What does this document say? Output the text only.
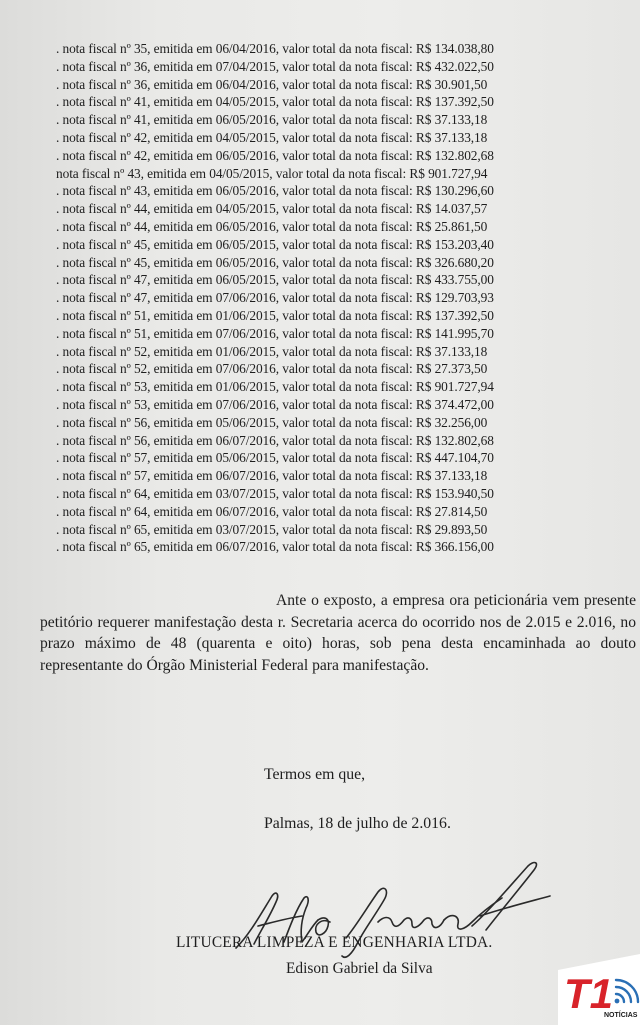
. nota fiscal nº 35, emitida em 06/04/2016, valor total da nota fiscal: R$ 134.038,80
. nota fiscal nº 36, emitida em 07/04/2015, valor total da nota fiscal: R$ 432.022,50
. nota fiscal nº 36, emitida em 06/04/2016, valor total da nota fiscal: R$ 30.901,50
. nota fiscal nº 41, emitida em 04/05/2015, valor total da nota fiscal: R$ 137.392,50
. nota fiscal nº 41, emitida em 06/05/2016, valor total da nota fiscal: R$ 37.133,18
. nota fiscal nº 42, emitida em 04/05/2015, valor total da nota fiscal: R$ 37.133,18
. nota fiscal nº 42, emitida em 06/05/2016, valor total da nota fiscal: R$ 132.802,68
nota fiscal nº 43, emitida em 04/05/2015, valor total da nota fiscal: R$ 901.727,94
. nota fiscal nº 43, emitida em 06/05/2016, valor total da nota fiscal: R$ 130.296,60
. nota fiscal nº 44, emitida em 04/05/2015, valor total da nota fiscal: R$ 14.037,57
. nota fiscal nº 44, emitida em 06/05/2016, valor total da nota fiscal: R$ 25.861,50
. nota fiscal nº 45, emitida em 06/05/2015, valor total da nota fiscal: R$ 153.203,40
. nota fiscal nº 45, emitida em 06/05/2016, valor total da nota fiscal: R$ 326.680,20
. nota fiscal nº 47, emitida em 06/05/2015, valor total da nota fiscal: R$ 433.755,00
. nota fiscal nº 47, emitida em 07/06/2016, valor total da nota fiscal: R$ 129.703,93
. nota fiscal nº 51, emitida em 01/06/2015, valor total da nota fiscal: R$ 137.392,50
. nota fiscal nº 51, emitida em 07/06/2016, valor total da nota fiscal: R$ 141.995,70
. nota fiscal nº 52, emitida em 01/06/2015, valor total da nota fiscal: R$ 37.133,18
. nota fiscal nº 52, emitida em 07/06/2016, valor total da nota fiscal: R$ 27.373,50
. nota fiscal nº 53, emitida em 01/06/2015, valor total da nota fiscal: R$ 901.727,94
. nota fiscal nº 53, emitida em 07/06/2016, valor total da nota fiscal: R$ 374.472,00
. nota fiscal nº 56, emitida em 05/06/2015, valor total da nota fiscal: R$ 32.256,00
. nota fiscal nº 56, emitida em 06/07/2016, valor total da nota fiscal: R$ 132.802,68
. nota fiscal nº 57, emitida em 05/06/2015, valor total da nota fiscal: R$ 447.104,70
. nota fiscal nº 57, emitida em 06/07/2016, valor total da nota fiscal: R$ 37.133,18
. nota fiscal nº 64, emitida em 03/07/2015, valor total da nota fiscal: R$ 153.940,50
. nota fiscal nº 64, emitida em 06/07/2016, valor total da nota fiscal: R$ 27.814,50
. nota fiscal nº 65, emitida em 03/07/2015, valor total da nota fiscal: R$ 29.893,50
. nota fiscal nº 65, emitida em 06/07/2016, valor total da nota fiscal: R$ 366.156,00

Ante o exposto, a empresa ora peticionária vem presente petitório requerer manifestação desta r. Secretaria acerca do ocorrido nos de 2.015 e 2.016, no prazo máximo de 48 (quarenta e oito) horas, sob pena desta encaminhada ao douto representante do Órgão Ministerial Federal para manifestação.

Termos em que,

Palmas, 18 de julho de 2.016.

LITUCERA LIMPEZA E ENGENHARIA LTDA.

Edison Gabriel da Silva

T1
NOTÍCIAS
